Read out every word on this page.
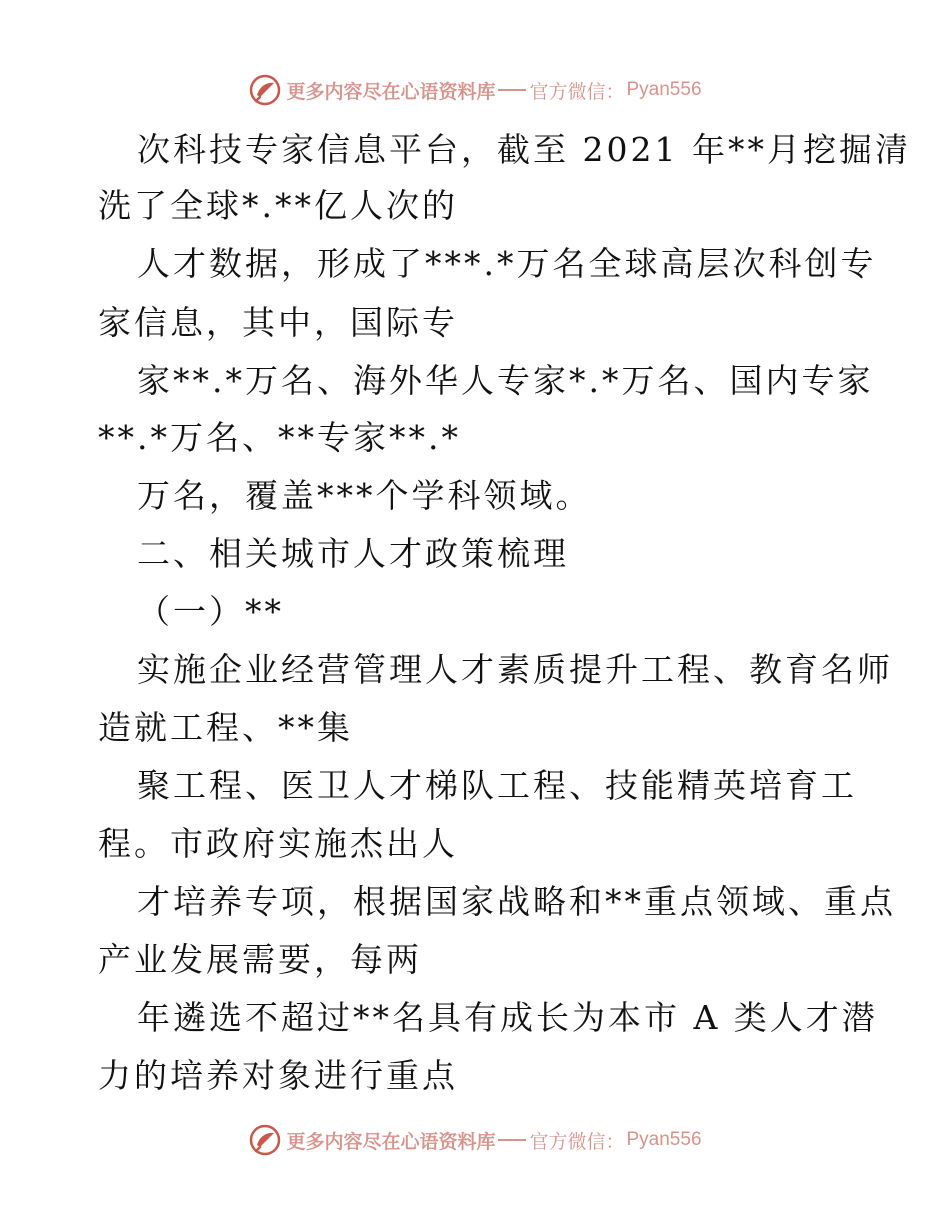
更多内容尽在心语资料库 官方微信： Pyan556
次科技专家信息平台，截至 2021 年**月挖掘清
洗了全球*.**亿人次的
人才数据，形成了***.*万名全球高层次科创专
家信息，其中，国际专
家**.*万名、海外华人专家*.*万名、国内专家
**.*万名、**专家**.*
万名，覆盖***个学科领域。
二、相关城市人才政策梳理
（一）**
实施企业经营管理人才素质提升工程、教育名师
造就工程、**集
聚工程、医卫人才梯队工程、技能精英培育工
程。市政府实施杰出人
才培养专项，根据国家战略和**重点领域、重点
产业发展需要，每两
年遴选不超过**名具有成长为本市 A 类人才潜
力的培养对象进行重点
更多内容尽在心语资料库 官方微信： Pyan556
